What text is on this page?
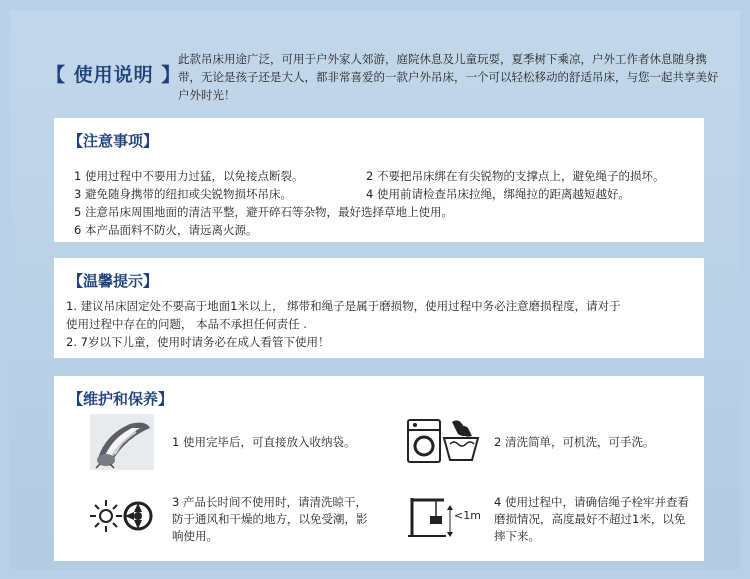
【 使用说明 】
此款吊床用途广泛，可用于户外家人郊游，庭院休息及儿童玩耍，夏季树下乘凉，户外工作者休息随身携带，无论是孩子还是大人，都非常喜爱的一款户外吊床，一个可以轻松移动的舒适吊床，与您一起共享美好户外时光！
【注意事项】
1 使用过程中不要用力过猛，以免接点断裂。	2 不要把吊床绑在有尖锐物的支撑点上，避免绳子的损坏。
3 避免随身携带的纽扣或尖锐物损坏吊床。	4 使用前请检查吊床拉绳，绑绳拉的距离越短越好。
5 注意吊床周围地面的清洁平整，避开碎石等杂物，最好选择草地上使用。
6 本产品面料不防火，请远离火源。
【温馨提示】
1. 建议吊床固定处不要高于地面1米以上， 绑带和绳子是属于磨损物，使用过程中务必注意磨损程度，请对于
使用过程中存在的问题， 本品不承担任何责任 .
2. 7岁以下儿童，使用时请务必在成人看管下使用！
【维护和保养】
1 使用完毕后，可直接放入收纳袋。	2 清洗简单，可机洗，可手洗。
3 产品长时间不使用时，请清洗晾干，防于通风和干燥的地方，以免受潮，影响使用。
<1m
4 使用过程中，请确信绳子栓牢并查看磨损情况，高度最好不超过1米，以免摔下来。
